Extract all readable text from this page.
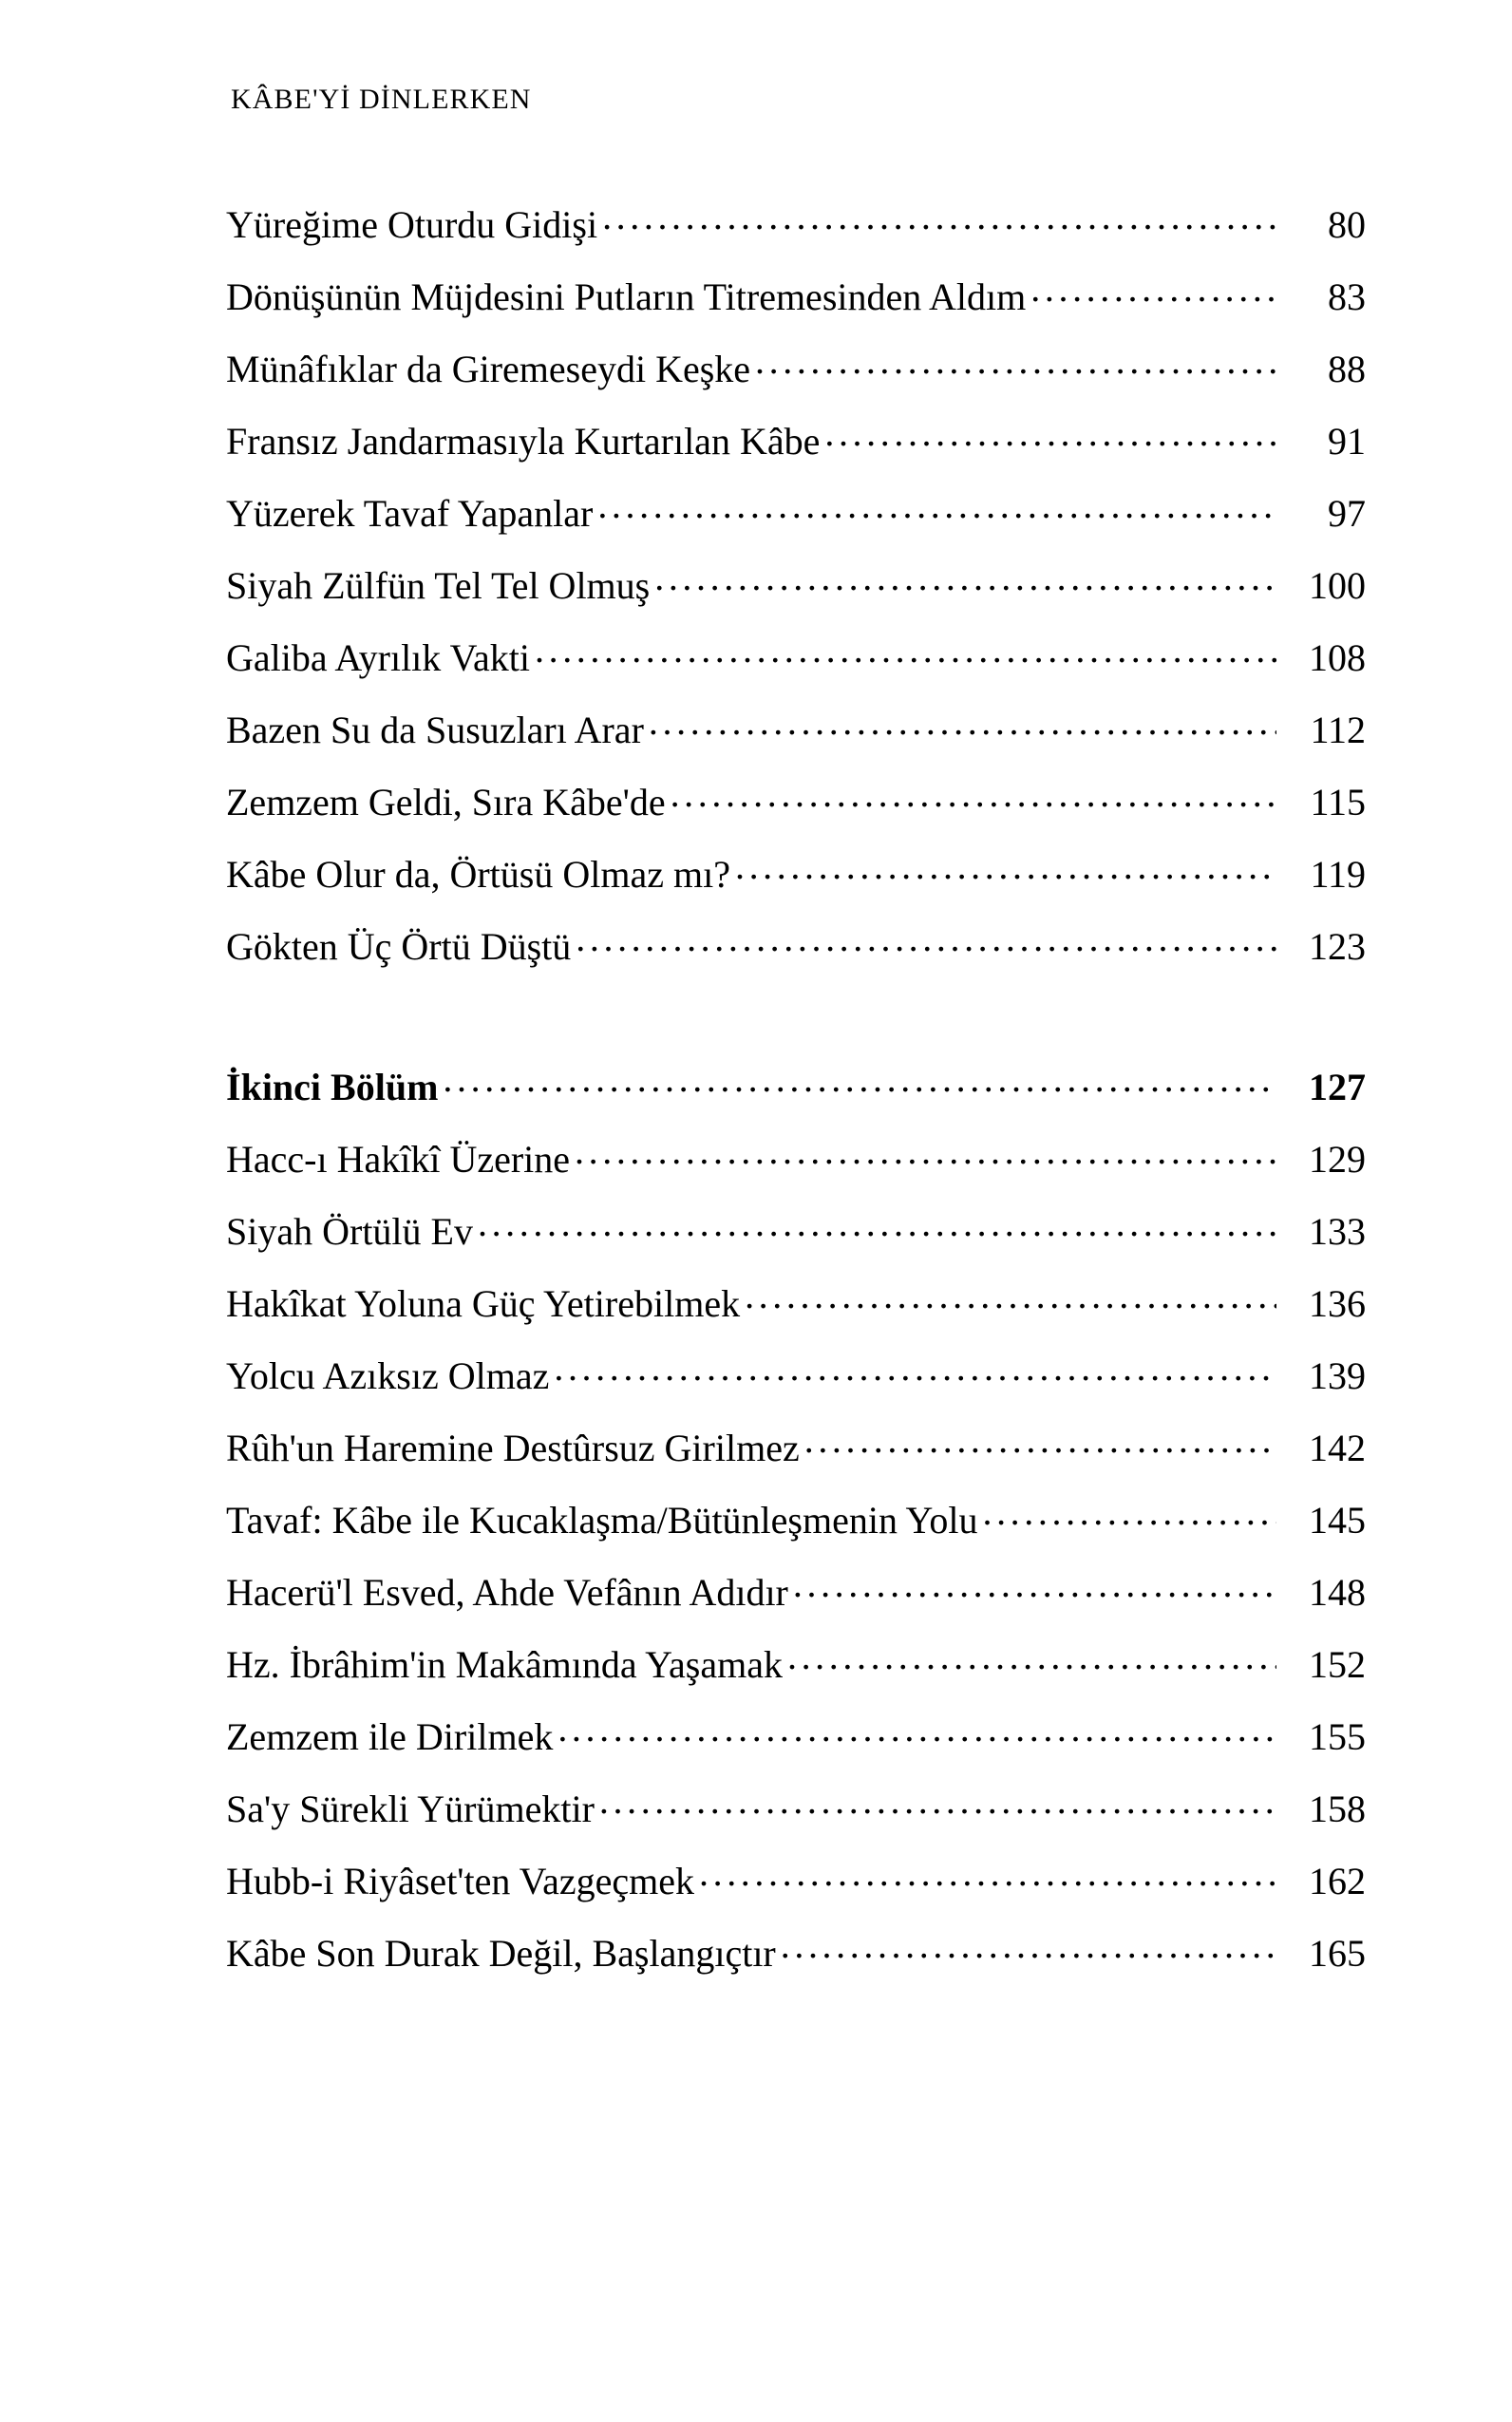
KÂBE'Yİ DİNLERKEN
Yüreğime Oturdu Gidişi .....	80
Dönüşünün Müjdesini Putların Titremesinden Aldım .....	83
Münâfıklar da Giremeseydi Keşke .....	88
Fransız Jandarmasıyla Kurtarılan Kâbe .....	91
Yüzerek Tavaf Yapanlar .....	97
Siyah Zülfün Tel Tel Olmuş .....	100
Galiba Ayrılık Vakti .....	108
Bazen Su da Susuzları Arar .....	112
Zemzem Geldi, Sıra Kâbe'de .....	115
Kâbe Olur da, Örtüsü Olmaz mı? .....	119
Gökten Üç Örtü Düştü .....	123
İkinci Bölüm .....	127
Hacc-ı Hakîkî Üzerine .....	129
Siyah Örtülü Ev .....	133
Hakîkat Yoluna Güç Yetirebilmek .....	136
Yolcu Azıksız Olmaz .....	139
Rûh'un Haremine Destûrsuz Girilmez .....	142
Tavaf: Kâbe ile Kucaklaşma/Bütünleşmenin Yolu .....	145
Hacerü'l Esved, Ahde Vefânın Adıdır .....	148
Hz. İbrâhim'in Makâmında Yaşamak .....	152
Zemzem ile Dirilmek .....	155
Sa'y Sürekli Yürümektir .....	158
Hubb-i Riyâset'ten Vazgeçmek .....	162
Kâbe Son Durak Değil, Başlangıçtır .....	165
